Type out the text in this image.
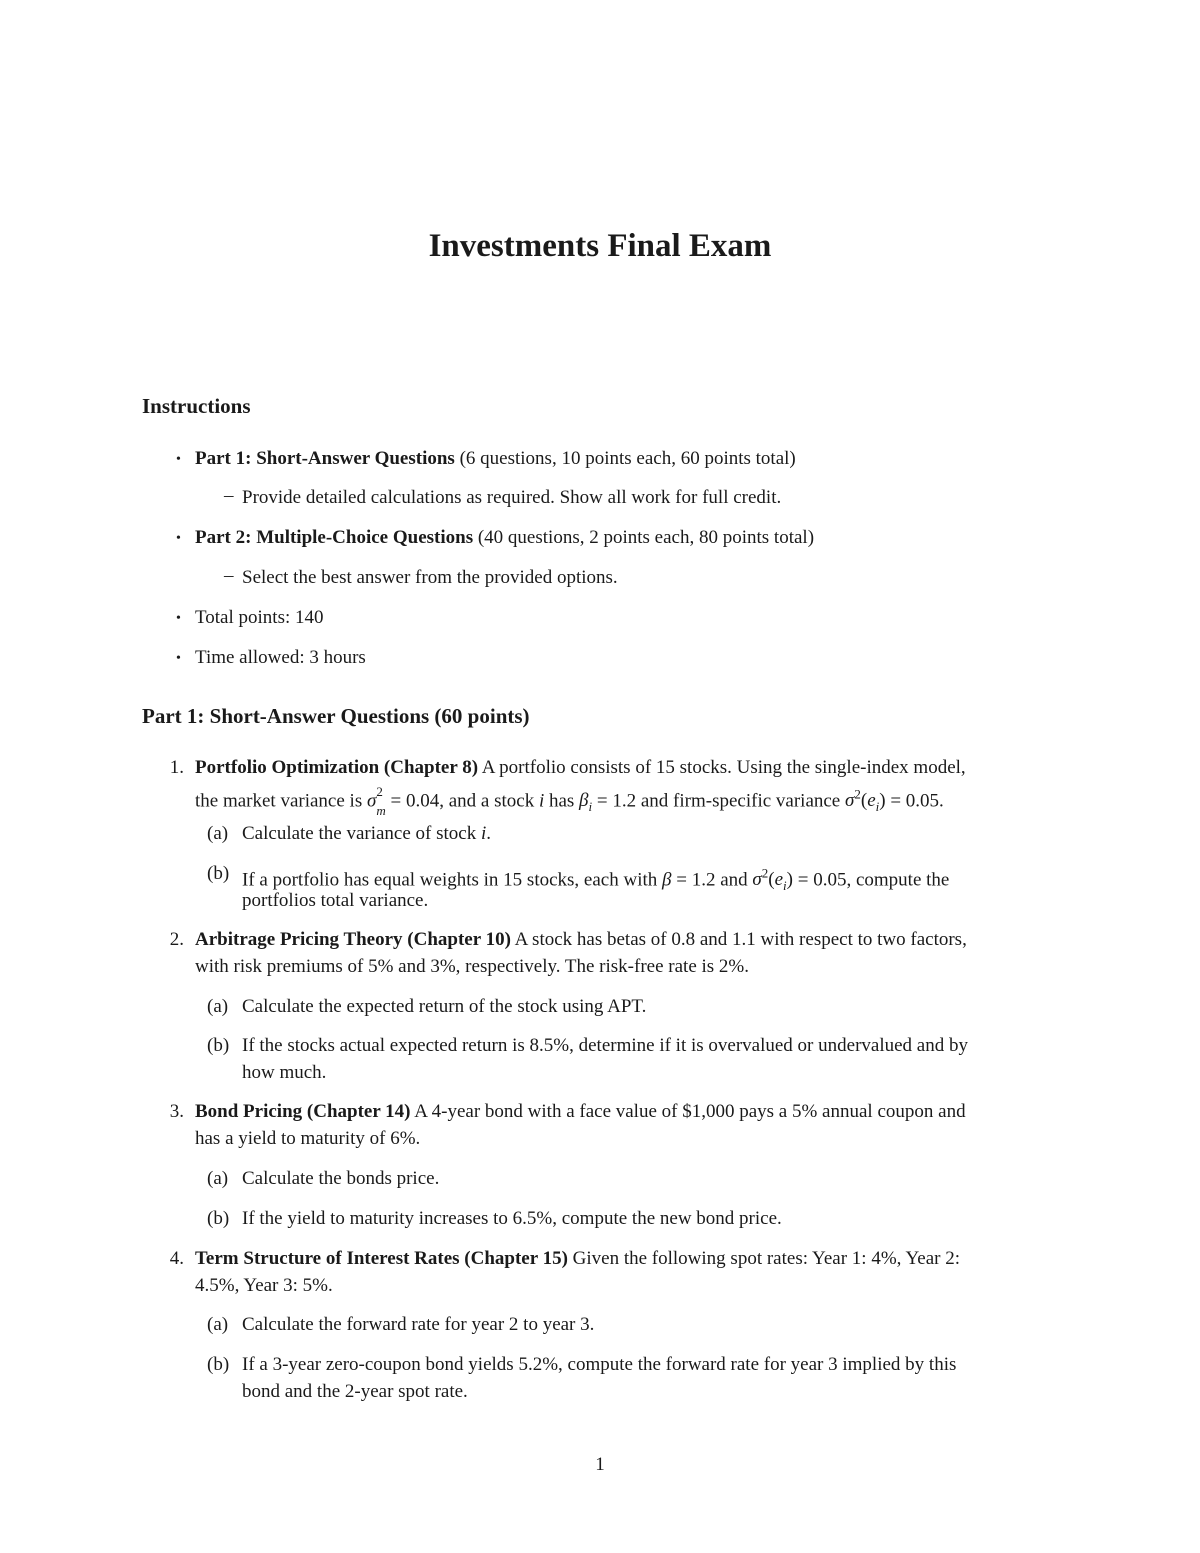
Investments Final Exam
Instructions
• Part 1: Short-Answer Questions (6 questions, 10 points each, 60 points total)
– Provide detailed calculations as required. Show all work for full credit.
• Part 2: Multiple-Choice Questions (40 questions, 2 points each, 80 points total)
– Select the best answer from the provided options.
• Total points: 140
• Time allowed: 3 hours
Part 1: Short-Answer Questions (60 points)
1. Portfolio Optimization (Chapter 8) A portfolio consists of 15 stocks. Using the single-index model,
the market variance is σ 2
$_m$ = 0.04, and a stock i has $\beta_i = 1.2$ and firm-specific variance $\sigma^2(e_i) = 0.05$.
(a) Calculate the variance of stock i.
(b) If a portfolio has equal weights in 15 stocks, each with β = 1.2 and $\sigma^2(e_i) = 0.05$, compute the
portfolios total variance.
2. Arbitrage Pricing Theory (Chapter 10) A stock has betas of 0.8 and 1.1 with respect to two factors,
with risk premiums of 5% and 3%, respectively. The risk-free rate is 2%.
(a) Calculate the expected return of the stock using APT.
(b) If the stocks actual expected return is 8.5%, determine if it is overvalued or undervalued and by
how much.
3. Bond Pricing (Chapter 14) A 4-year bond with a face value of $1,000 pays a 5% annual coupon and
has a yield to maturity of 6%.
(a) Calculate the bonds price.
(b) If the yield to maturity increases to 6.5%, compute the new bond price.
4. Term Structure of Interest Rates (Chapter 15) Given the following spot rates: Year 1: 4%, Year 2:
4.5%, Year 3: 5%.
(a) Calculate the forward rate for year 2 to year 3.
(b) If a 3-year zero-coupon bond yields 5.2%, compute the forward rate for year 3 implied by this
bond and the 2-year spot rate.
1
